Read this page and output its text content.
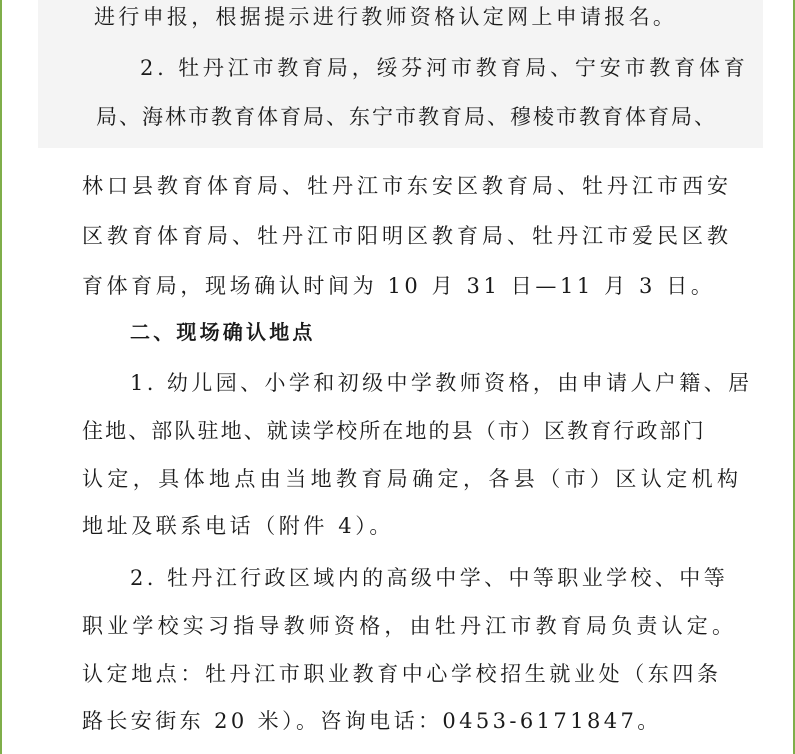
进行申报，根据提示进行教师资格认定网上申请报名。

2. 牡丹江市教育局，绥芬河市教育局、宁安市教育体育

局、海林市教育体育局、东宁市教育局、穆棱市教育体育局、

林口县教育体育局、牡丹江市东安区教育局、牡丹江市西安

区教育体育局、牡丹江市阳明区教育局、牡丹江市爱民区教

育体育局，现场确认时间为 10 月 31 日—11 月 3 日。

二、现场确认地点

1. 幼儿园、小学和初级中学教师资格，由申请人户籍、居

住地、部队驻地、就读学校所在地的县（市）区教育行政部门

认定，具体地点由当地教育局确定，各县（市）区认定机构

地址及联系电话（附件 4）。

2. 牡丹江行政区域内的高级中学、中等职业学校、中等

职业学校实习指导教师资格，由牡丹江市教育局负责认定。

认定地点：牡丹江市职业教育中心学校招生就业处（东四条

路长安街东 20 米）。咨询电话：0453-6171847。
